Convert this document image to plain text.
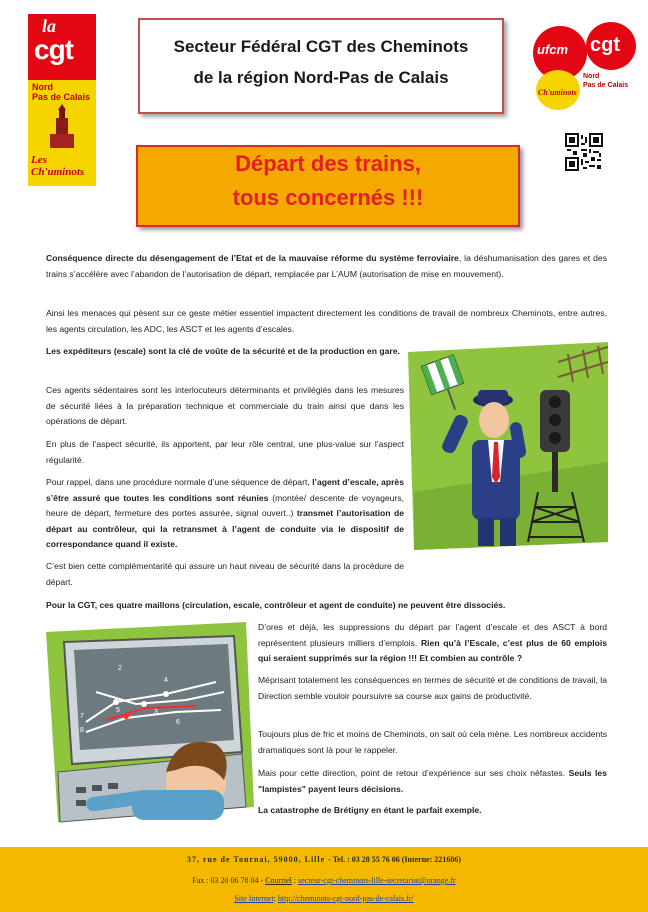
la
cgt
Nord
Pas de Calais
Les
Ch'uminots
Secteur Fédéral CGT des Cheminots
de la région Nord-Pas de Calais
ufcm cgt
Ch'uminots
Nord
Pas de Calais
Départ des trains,
tous concernés !!!
Conséquence directe du désengagement de l’Etat et de la mauvaise réforme du système ferroviaire, la déshumanisation des gares et des trains s’accélère avec l’abandon de l’autorisation de départ, remplacée par L’AUM (autorisation de mise en mouvement).
Ainsi les menaces qui pèsent sur ce geste métier essentiel impactent directement les conditions de travail de nombreux Cheminots, entre autres, les agents circulation, les ADC, les ASCT et les agents d’escales.
Les expéditeurs (escale) sont la clé de voûte de la sécurité et de la production en gare.
Ces agents sédentaires sont les interlocuteurs déterminants et privilégiés dans les mesures de sécurité liées à la préparation technique et commerciale du train ainsi que dans les opérations de départ.
En plus de l’aspect sécurité, ils apportent, par leur rôle central, une plus-value sur l’aspect régularité.
Pour rappel, dans une procédure normale d’une séquence de départ, l’agent d’escale, après s’être assuré que toutes les conditions sont réunies (montée/ descente de voyageurs, heure de départ, fermeture des portes assurée, signal ouvert..) transmet l’autorisation de départ au contrôleur, qui la retransmet à l’agent de conduite via le dispositif de correspondance quand il existe.
C’est bien cette complémentarité qui assure un haut niveau de sécurité dans la procédure de départ.
Pour la CGT, ces quatre maillons (circulation, escale, contrôleur et agent de conduite) ne peuvent être dissociés.
D’ores et déjà, les suppressions du départ par l’agent d’escale et des ASCT à bord représentent plusieurs milliers d’emplois. Rien qu’à l’Escale, c’est plus de 60 emplois qui seraient supprimés sur la région !!! Et combien au contrôle ?
Méprisant totalement les conséquences en termes de sécurité et de conditions de travail, la Direction semble vouloir poursuivre sa course aux gains de productivité.
Toujours plus de fric et moins de Cheminots, on sait où cela mène. Les nombreux accidents dramatiques sont là pour le rappeler.
Mais pour cette direction, point de retour d’expérience sur ses choix néfastes. Seuls les "lampistes" payent leurs décisions.
La catastrophe de Brétigny en étant le parfait exemple.
2
4
7
8
5	3
6
37, rue de Tournai, 59000, Lille - Tel. : 03 28 55 76 06 (Interne: 221606)
Fax : 03 20 06 78 04 - Courriel : secteur-cgt-cheminots-lille-secretariat@orange.fr
Site Internet: http://cheminots-cgt-nord-pas-de-calais.fr/
